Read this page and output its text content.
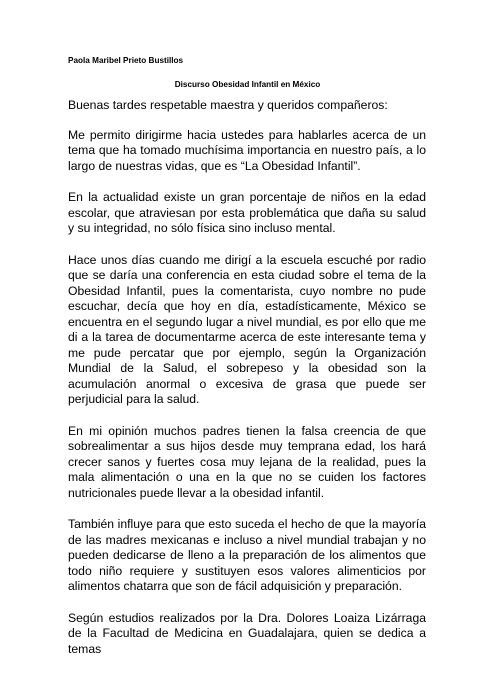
Paola Maribel Prieto Bustillos
Discurso Obesidad Infantil en México

Buenas tardes respetable maestra y queridos compañeros:

Me permito dirigirme hacia ustedes para hablarles acerca de un tema que ha tomado muchísima importancia en nuestro país, a lo largo de nuestras vidas, que es “La Obesidad Infantil”.

En la actualidad existe un gran porcentaje de niños en la edad escolar, que atraviesan por esta problemática que daña su salud y su integridad, no sólo física sino incluso mental.

Hace unos días cuando me dirigí a la escuela escuché por radio que se daría una conferencia en esta ciudad sobre el tema de la Obesidad Infantil, pues la comentarista, cuyo nombre no pude escuchar, decía que hoy en día, estadísticamente, México se encuentra en el segundo lugar a nivel mundial, es por ello que me di a la tarea de documentarme acerca de este interesante tema y me pude percatar que por ejemplo, según la Organización Mundial de la Salud, el sobrepeso y la obesidad son la acumulación anormal o excesiva de grasa que puede ser perjudicial para la salud.

En mi opinión muchos padres tienen la falsa creencia de que sobrealimentar a sus hijos desde muy temprana edad, los hará crecer sanos y fuertes cosa muy lejana de la realidad, pues la mala alimentación o una en la que no se cuiden los factores nutricionales puede llevar a la obesidad infantil.

También influye para que esto suceda el hecho de que la mayoría de las madres mexicanas e incluso a nivel mundial trabajan y no pueden dedicarse de lleno a la preparación de los alimentos que todo niño requiere y sustituyen esos valores alimenticios por alimentos chatarra que son de fácil adquisición y preparación.

Según estudios realizados por la Dra. Dolores Loaiza Lizárraga de la Facultad de Medicina en Guadalajara, quien se dedica a temas
